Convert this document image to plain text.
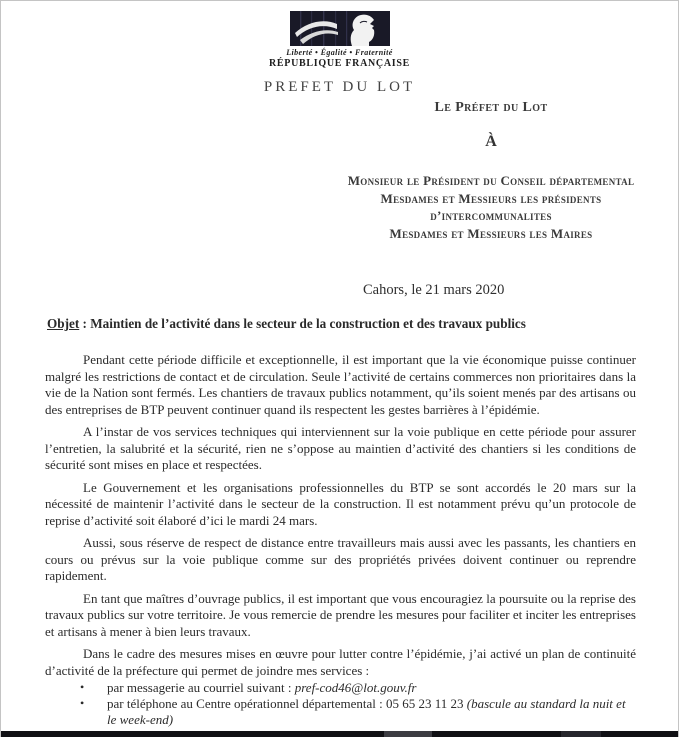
Liberté • Égalité • Fraternité
RÉPUBLIQUE FRANÇAISE
PREFET DU LOT
Le Préfet du Lot
À
Monsieur le Président du Conseil départemental
Mesdames et Messieurs les présidents
d’intercommunalites
Mesdames et Messieurs les Maires
Cahors, le 21 mars 2020
Objet : Maintien de l’activité dans le secteur de la construction et des travaux publics

Pendant cette période difficile et exceptionnelle, il est important que la vie économique puisse continuer malgré les restrictions de contact et de circulation. Seule l’activité de certains commerces non prioritaires dans la vie de la Nation sont fermés. Les chantiers de travaux publics notamment, qu’ils soient menés par des artisans ou des entreprises de BTP peuvent continuer quand ils respectent les gestes barrières à l’épidémie.

A l’instar de vos services techniques qui interviennent sur la voie publique en cette période pour assurer l’entretien, la salubrité et la sécurité, rien ne s’oppose au maintien d’activité des chantiers si les conditions de sécurité sont mises en place et respectées.

Le Gouvernement et les organisations professionnelles du BTP se sont accordés le 20 mars sur la nécessité de maintenir l’activité dans le secteur de la construction. Il est notamment prévu qu’un protocole de reprise d’activité soit élaboré d’ici le mardi 24 mars.

Aussi, sous réserve de respect de distance entre travailleurs mais aussi avec les passants, les chantiers en cours ou prévus sur la voie publique comme sur des propriétés privées doivent continuer ou reprendre rapidement.

En tant que maîtres d’ouvrage publics, il est important que vous encouragiez la poursuite ou la reprise des travaux publics sur votre territoire. Je vous remercie de prendre les mesures pour faciliter et inciter les entreprises et artisans à mener à bien leurs travaux.

Dans le cadre des mesures mises en œuvre pour lutter contre l’épidémie, j’ai activé un plan de continuité d’activité de la préfecture qui permet de joindre mes services :

• par messagerie au courriel suivant : pref-cod46@lot.gouv.fr
• par téléphone au Centre opérationnel départemental : 05 65 23 11 23 (bascule au standard la nuit et le week-end)
